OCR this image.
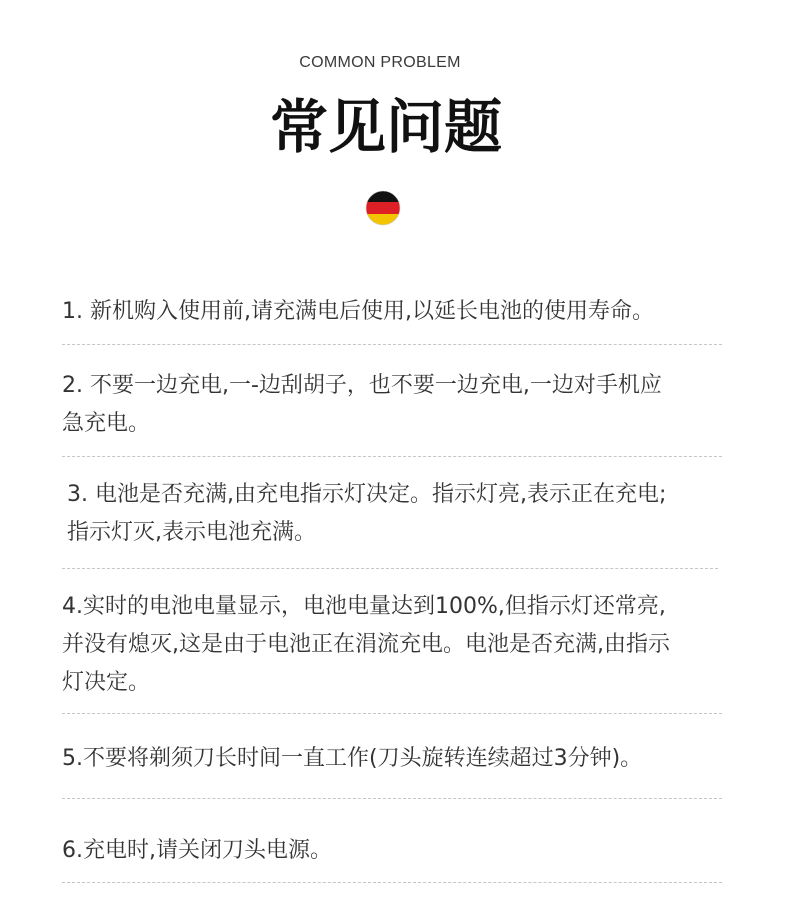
COMMON PROBLEM
常见问题
1. 新机购入使用前,请充满电后使用,以延长电池的使用寿命。
2. 不要一边充电,一-边刮胡子，也不要一边充电,一边对手机应
急充电。
3. 电池是否充满,由充电指示灯决定。指示灯亮,表示正在充电;
指示灯灭,表示电池充满。
4.实时的电池电量显示，电池电量达到100%,但指示灯还常亮,
并没有熄灭,这是由于电池正在涓流充电。电池是否充满,由指示
灯决定。
5.不要将剃须刀长时间一直工作(刀头旋转连续超过3分钟)。
6.充电时,请关闭刀头电源。
